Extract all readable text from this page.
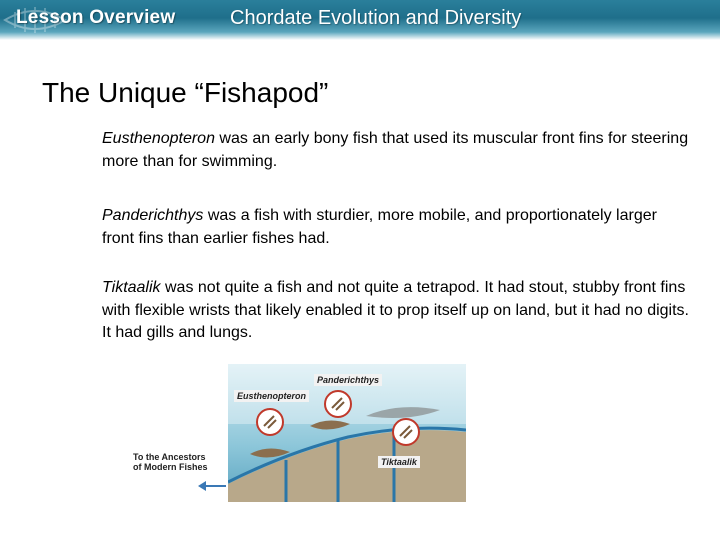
Lesson Overview	Chordate Evolution and Diversity
The Unique “Fishapod”
Eusthenopteron was an early bony fish that used its muscular front fins for steering more than for swimming.
Panderichthys was a fish with sturdier, more mobile, and proportionately larger front fins than earlier fishes had.
Tiktaalik was not quite a fish and not quite a tetrapod. It had stout, stubby front fins with flexible wrists that likely enabled it to prop itself up on land, but it had no digits. It had gills and lungs.
Panderichthys
Eusthenopteron
Tiktaalik
To the Ancestors of Modern Fishes
